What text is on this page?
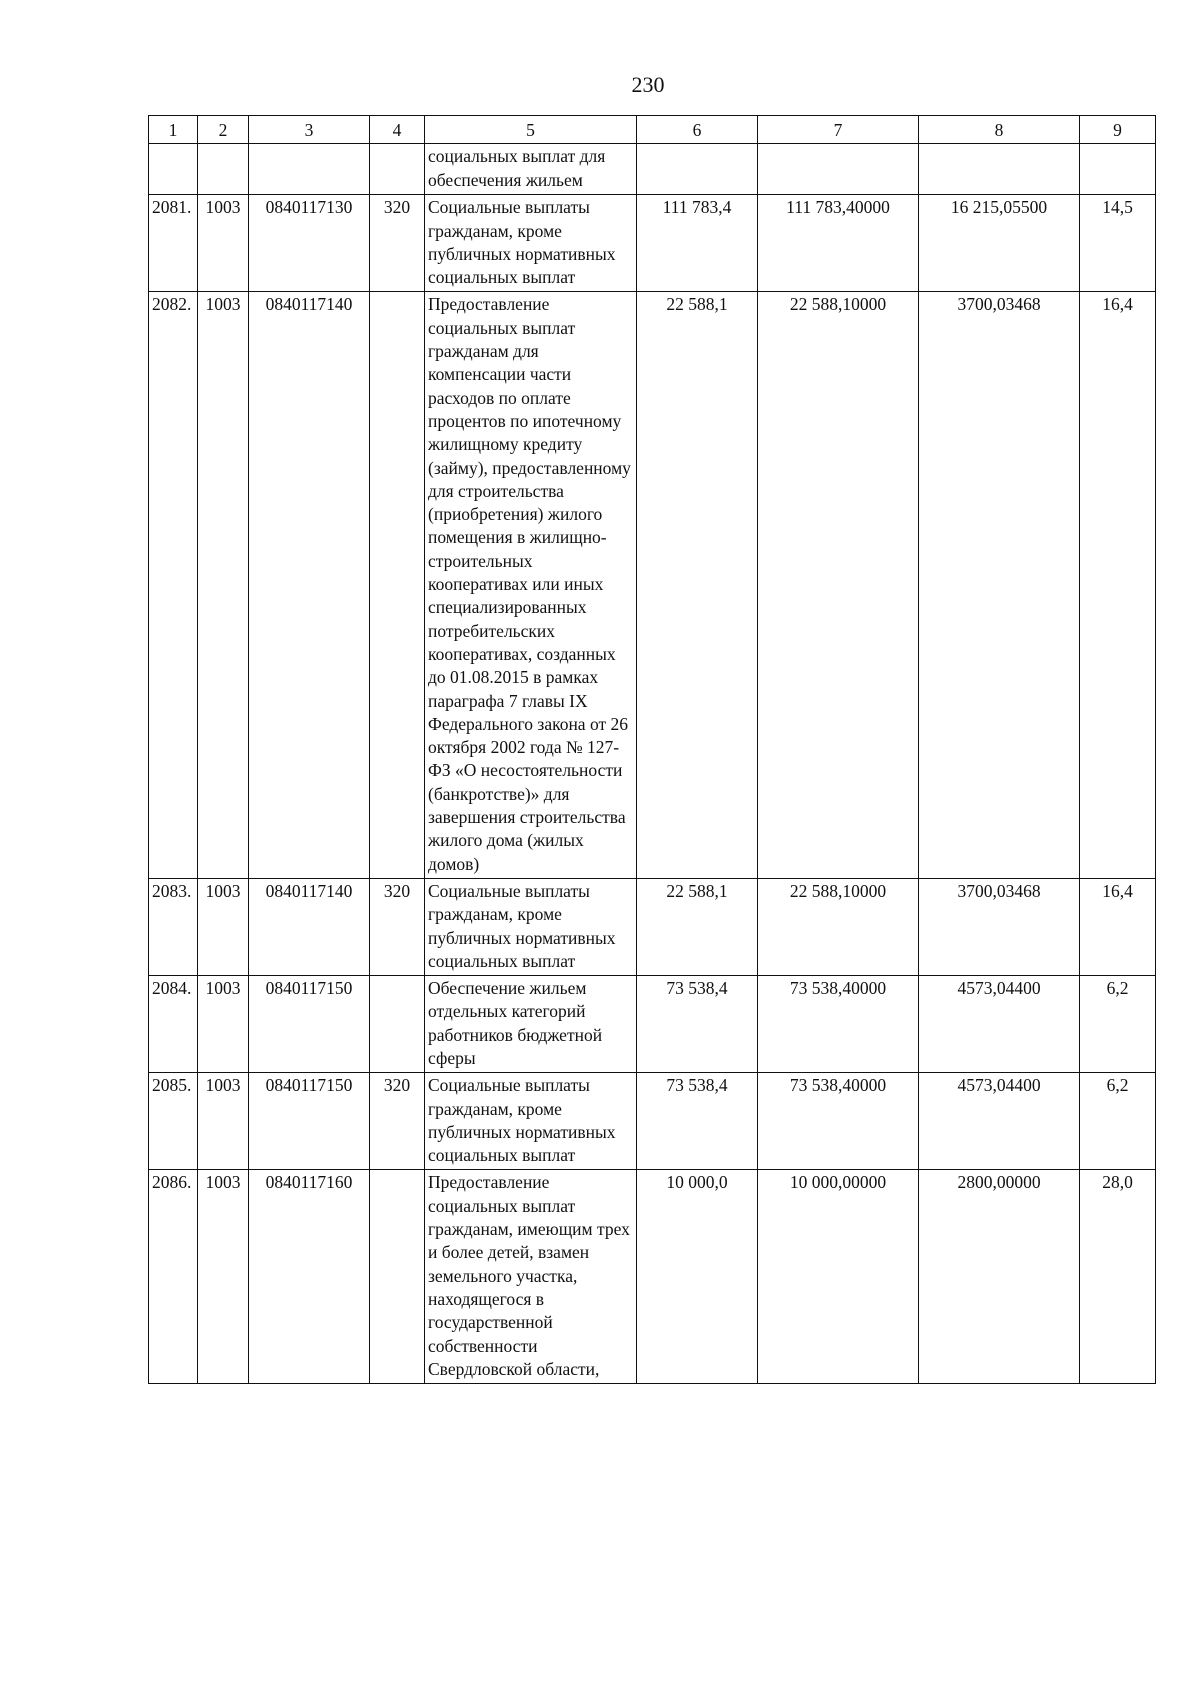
230
1	2	3	4	5	6	7	8	9
				социальных выплат для обеспечения жильем				
2081.	1003	0840117130	320	Социальные выплаты гражданам, кроме публичных нормативных социальных выплат	111 783,4	111 783,40000	16 215,05500	14,5
2082.	1003	0840117140		Предоставление социальных выплат гражданам для компенсации части расходов по оплате процентов по ипотечному жилищному кредиту (займу), предоставленному для строительства (приобретения) жилого помещения в жилищно-строительных кооперативах или иных специализированных потребительских кооперативах, созданных до 01.08.2015 в рамках параграфа 7 главы IX Федерального закона от 26 октября 2002 года № 127-ФЗ «О несостоятельности (банкротстве)» для завершения строительства жилого дома (жилых домов)	22 588,1	22 588,10000	3700,03468	16,4
2083.	1003	0840117140	320	Социальные выплаты гражданам, кроме публичных нормативных социальных выплат	22 588,1	22 588,10000	3700,03468	16,4
2084.	1003	0840117150		Обеспечение жильем отдельных категорий работников бюджетной сферы	73 538,4	73 538,40000	4573,04400	6,2
2085.	1003	0840117150	320	Социальные выплаты гражданам, кроме публичных нормативных социальных выплат	73 538,4	73 538,40000	4573,04400	6,2
2086.	1003	0840117160		Предоставление социальных выплат гражданам, имеющим трех и более детей, взамен земельного участка, находящегося в государственной собственности Свердловской области,	10 000,0	10 000,00000	2800,00000	28,0
